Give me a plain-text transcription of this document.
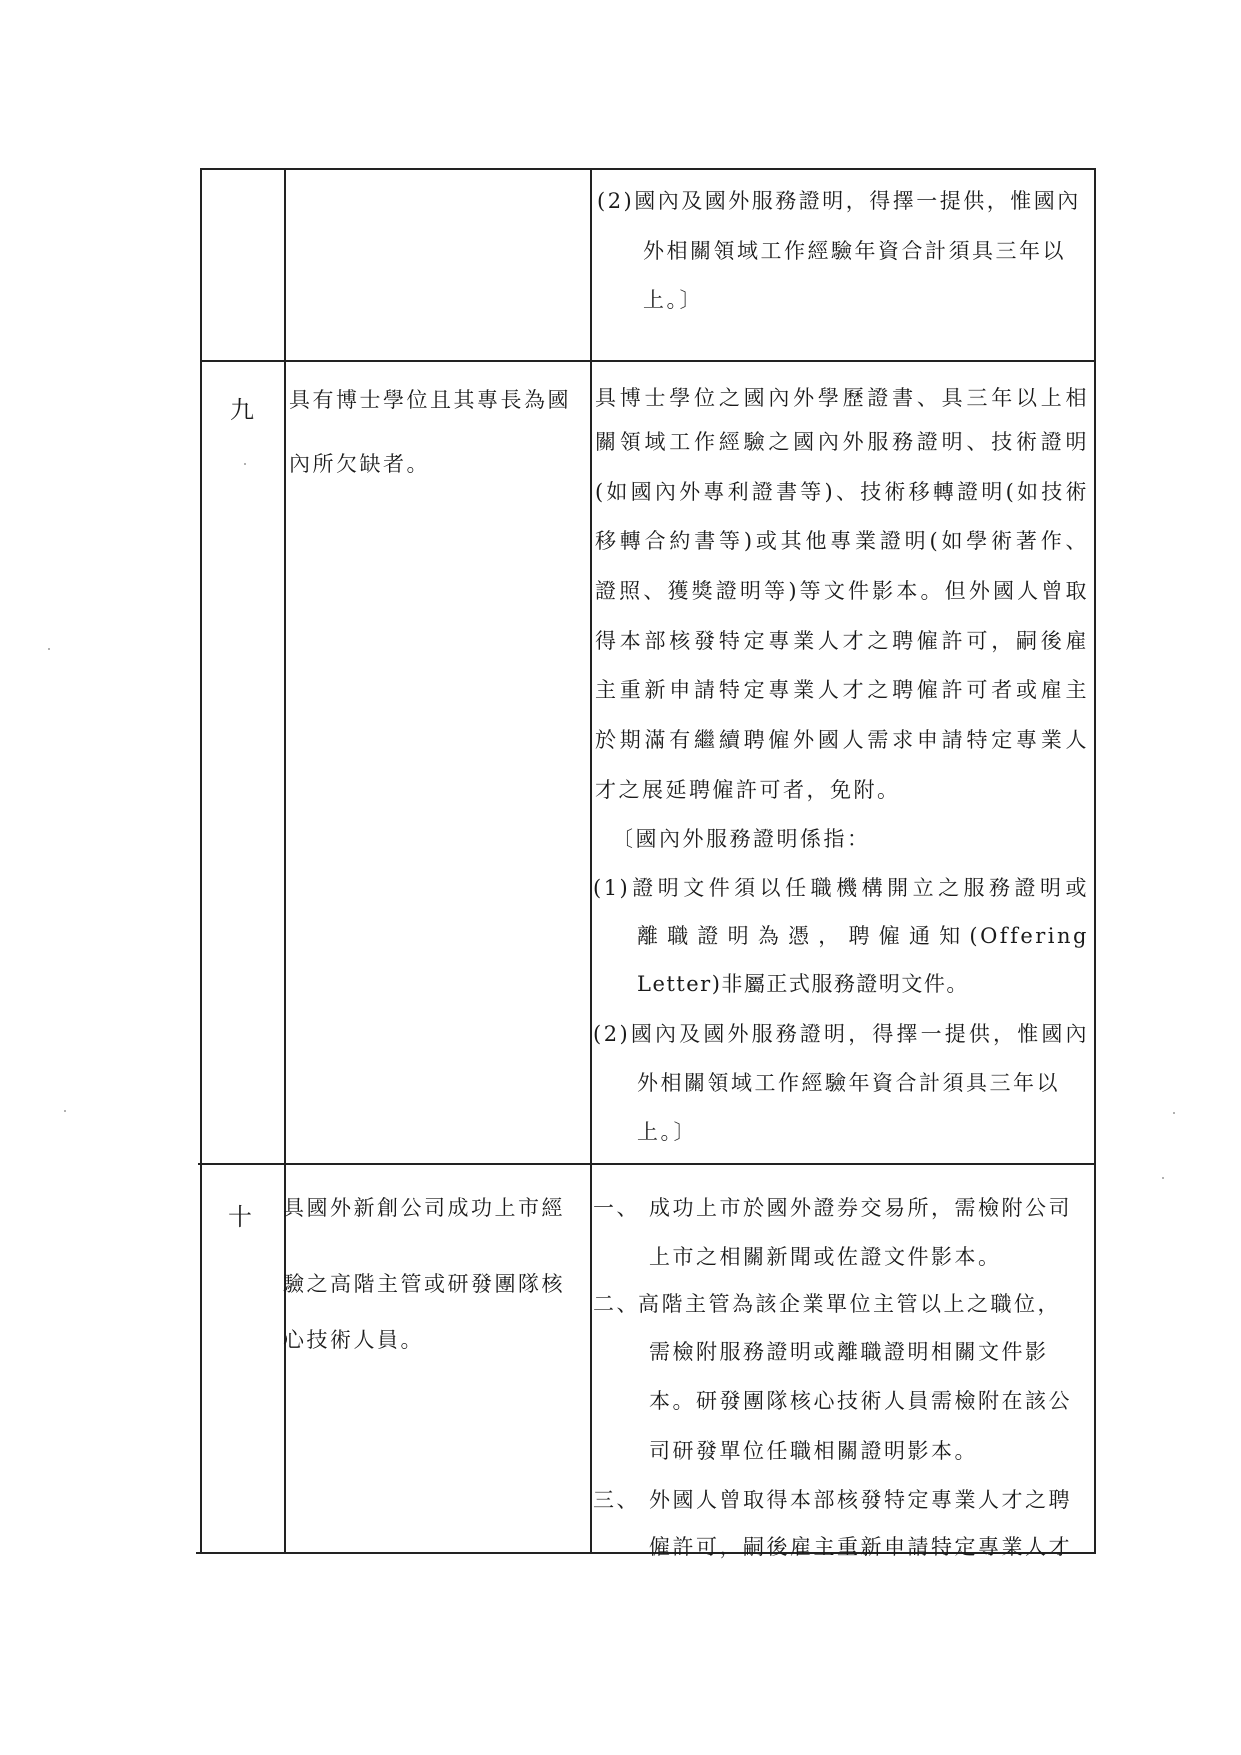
(2)國內及國外服務證明，得擇一提供，惟國內
外相關領域工作經驗年資合計須具三年以
上。〕
九 具有博士學位且其專長為國
內所欠缺者。
具博士學位之國內外學歷證書、具三年以上相
關領域工作經驗之國內外服務證明、技術證明
(如國內外專利證書等)、技術移轉證明(如技術
移轉合約書等)或其他專業證明(如學術著作、
證照、獲獎證明等)等文件影本。但外國人曾取
得本部核發特定專業人才之聘僱許可，嗣後雇
主重新申請特定專業人才之聘僱許可者或雇主
於期滿有繼續聘僱外國人需求申請特定專業人
才之展延聘僱許可者，免附。
〔國內外服務證明係指：
(1)證明文件須以任職機構開立之服務證明或
離職證明為憑，聘僱通知(Offering
Letter)非屬正式服務證明文件。
(2)國內及國外服務證明，得擇一提供，惟國內
外相關領域工作經驗年資合計須具三年以
上。〕
十 具國外新創公司成功上市經
驗之高階主管或研發團隊核
心技術人員。
一、 成功上市於國外證券交易所，需檢附公司
上市之相關新聞或佐證文件影本。
二、
高階主管為該企業單位主管以上之職位，
需檢附服務證明或離職證明相關文件影
本。研發團隊核心技術人員需檢附在該公
司研發單位任職相關證明影本。
三、 外國人曾取得本部核發特定專業人才之聘
僱許可，嗣後雇主重新申請特定專業人才
